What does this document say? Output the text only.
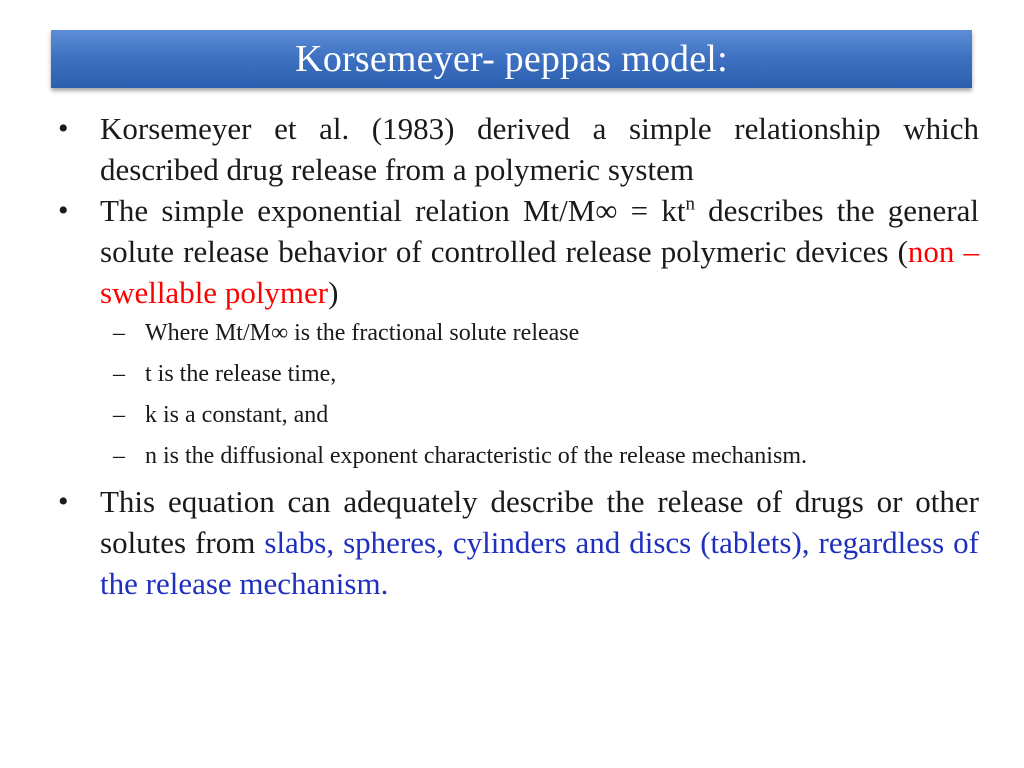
Korsemeyer- peppas model:
•	Korsemeyer et al. (1983) derived a simple relationship which described drug release from a polymeric system
•	The simple exponential relation $Mt/M\infty = kt^n$ describes the general solute release behavior of controlled release polymeric devices (non – swellable polymer)
– Where Mt/M∞ is the fractional solute release
– t is the release time,
– k is a constant, and
– n is the diffusional exponent characteristic of the release mechanism.
•	This equation can adequately describe the release of drugs or other solutes from slabs, spheres, cylinders and discs (tablets), regardless of the release mechanism.
